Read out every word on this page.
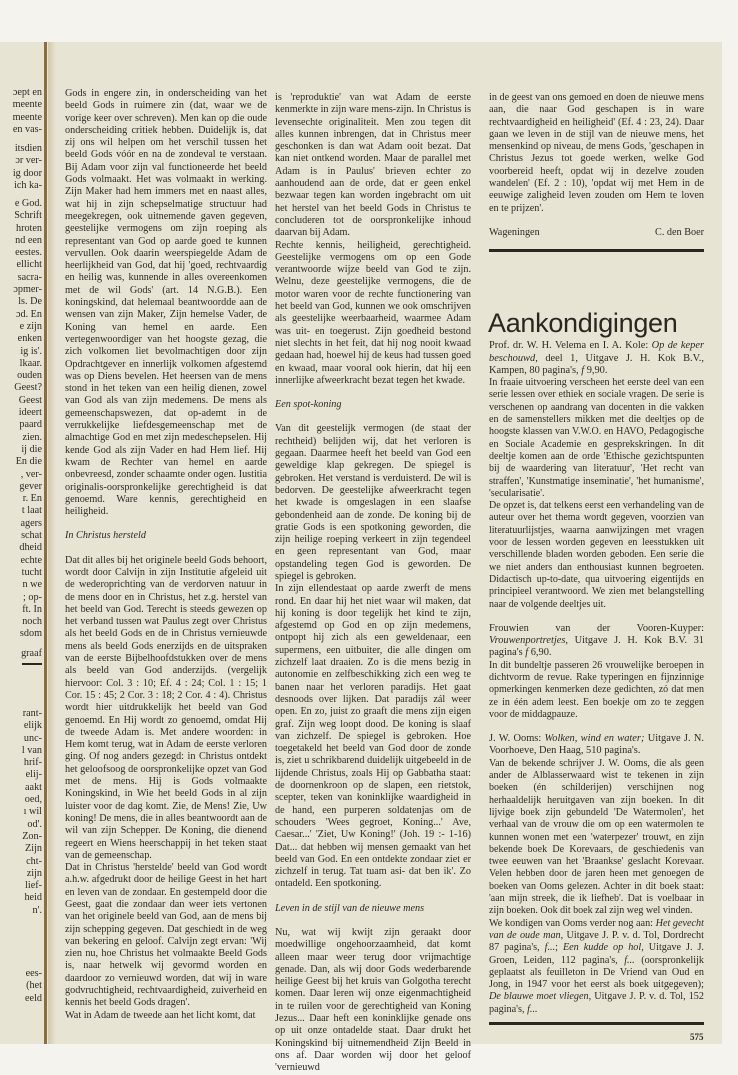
ɔept en
meente
meente
en vas-
itsdien
ɔr ver-
ig door
ich ka-
e God.
Schrift
hroten
nd een
eestes.
ellicht
sacra-
ɔpmer-
ls. De
ɔd. En
e zijn
enken
ig is'.
lkaar.
ouden
Geest?
Geest
ideert
paard
zien.
ij die
En die
, ver-
gever
r. En
t laat
agers
schat
dheid
echte
tucht
n we
; op-
ft. In
noch
sdom
graaf
rant-
elijk
unc-
l van
hrif-
elij-
aakt
oed,
ı wil
od'.
Zon-
Zijn
cht-
zijn
lief-
heid
n'.
ees-
(het
eeld

Gods in engere zin, in onderscheiding van het beeld Gods in ruimere zin (dat, waar we de vorige keer over schreven). Men kan op die oude onderscheiding critiek hebben. Duidelijk is, dat zij ons wil helpen om het verschil tussen het beeld Gods vóór en na de zondeval te verstaan. Bij Adam voor zijn val functioneerde het beeld Gods volmaakt. Het was volmaakt in werking. Zijn Maker had hem immers met en naast alles, wat hij in zijn schepselmatige structuur had meegekregen, ook uitnemende gaven gegeven, geestelijke vermogens om zijn roeping als representant van God op aarde goed te kunnen vervullen. Ook daarin weerspiegelde Adam de heerlijkheid van God, dat hij 'goed, rechtvaardig en heilig was, kunnende in alles overeenkomen met de wil Gods' (art. 14 N.G.B.). Een koningskind, dat helemaal beantwoordde aan de wensen van zijn Maker, Zijn hemelse Vader, de Koning van hemel en aarde. Een vertegenwoordiger van het hoogste gezag, die zich volkomen liet bevolmachtigen door zijn Opdrachtgever en innerlijk volkomen afgestemd was op Diens bevelen. Het heersen van de mens stond in het teken van een heilig dienen, zowel van God als van zijn medemens. De mens als gemeenschapswezen, dat op-ademt in de verrukkelijke liefdesgemeenschap met de almachtige God en met zijn medeschepselen. Hij kende God als zijn Vader en had Hem lief. Hij kwam de Rechter van hemel en aarde onbevreesd, zonder schaamte onder ogen. Iustitia originalis-oorspronkelijke gerechtigheid is dat genoemd. Ware kennis, gerechtigheid en heiligheid.

In Christus hersteld

Dat dit alles bij het originele beeld Gods behoort, wordt door Calvijn in zijn Institutie afgeleid uit de wederoprichting van de verdorven natuur in de mens door en in Christus, het z.g. herstel van het beeld van God. Terecht is steeds gewezen op het verband tussen wat Paulus zegt over Christus als het beeld Gods en de in Christus vernieuwde mens als beeld Gods enerzijds en de uitspraken van de eerste Bijbelhoofdstukken over de mens als beeld van God anderzijds. (vergelijk hiervoor: Col. 3 : 10; Ef. 4 : 24; Col. 1 : 15; 1 Cor. 15 : 45; 2 Cor. 3 : 18; 2 Cor. 4 : 4). Christus wordt hier uitdrukkelijk het beeld van God genoemd. En Hij wordt zo genoemd, omdat Hij de tweede Adam is. Met andere woorden: in Hem komt terug, wat in Adam de eerste verloren ging. Of nog anders gezegd: in Christus ontdekt het geloofsoog de oorspronkelijke opzet van God met de mens. Hij is Gods volmaakte Koningskind, in Wie het beeld Gods in al zijn luister voor de dag komt. Zie, de Mens! Zie, Uw koning! De mens, die in alles beantwoordt aan de wil van zijn Schepper. De Koning, die dienend regeert en Wiens heerschappij in het teken staat van de gemeenschap.

Dat in Christus 'herstelde' beeld van God wordt a.h.w. afgedrukt door de heilige Geest in het hart en leven van de zondaar. En gestempeld door die Geest, gaat die zondaar dan weer iets vertonen van het originele beeld van God, aan de mens bij zijn schepping gegeven. Dat geschiedt in de weg van bekering en geloof. Calvijn zegt ervan: 'Wij zien nu, hoe Christus het volmaakte Beeld Gods is, naar hetwelk wij gevormd worden en daardoor zo vernieuwd worden, dat wij in ware godvruchtigheid, rechtvaardigheid, zuiverheid en kennis het beeld Gods dragen'.

Wat in Adam de tweede aan het licht komt, dat

is 'reproduktie' van wat Adam de eerste kenmerkte in zijn ware mens-zijn. In Christus is levensechte originaliteit. Men zou tegen dit alles kunnen inbrengen, dat in Christus meer geschonken is dan wat Adam ooit bezat. Dat kan niet ontkend worden. Maar de parallel met Adam is in Paulus' brieven echter zo aanhoudend aan de orde, dat er geen enkel bezwaar tegen kan worden ingebracht om uit het herstel van het beeld Gods in Christus te concluderen tot de oorspronkelijke inhoud daarvan bij Adam.

Rechte kennis, heiligheid, gerechtigheid. Geestelijke vermogens om op een Gode verantwoorde wijze beeld van God te zijn. Welnu, deze geestelijke vermogens, die de motor waren voor de rechte functionering van het beeld van God, kunnen we ook omschrijven als geestelijke weerbaarheid, waarmee Adam was uit- en toegerust. Zijn goedheid bestond niet slechts in het feit, dat hij nog nooit kwaad gedaan had, hoewel hij de keus had tussen goed en kwaad, maar vooral ook hierin, dat hij een innerlijke afweerkracht bezat tegen het kwade.

Een spot-koning

Van dit geestelijk vermogen (de staat der rechtheid) belijden wij, dat het verloren is gegaan. Daarmee heeft het beeld van God een geweldige klap gekregen. De spiegel is gebroken. Het verstand is verduisterd. De wil is bedorven. De geestelijke afweerkracht tegen het kwade is omgeslagen in een slaafse gebondenheid aan de zonde. De koning bij de gratie Gods is een spotkoning geworden, die zijn heilige roeping verkeert in zijn tegendeel en geen representant van God, maar opstandeling tegen God is geworden. De spiegel is gebroken.

In zijn ellendestaat op aarde zwerft de mens rond. En daar hij het niet waar wil maken, dat hij koning is door tegelijk het kind te zijn, afgestemd op God en op zijn medemens, ontpopt hij zich als een geweldenaar, een supermens, een uitbuiter, die alle dingen om zichzelf laat draaien. Zo is die mens bezig in autonomie en zelfbeschikking zich een weg te banen naar het verloren paradijs. Het gaat desnoods over lijken. Dat paradijs zál weer open. En zo, juist zo graaft die mens zijn eigen graf. Zijn weg loopt dood. De koning is slaaf van zichzelf. De spiegel is gebroken. Hoe toegetakeld het beeld van God door de zonde is, ziet u schrikbarend duidelijk uitgebeeld in de lijdende Christus, zoals Hij op Gabbatha staat: de doornenkroon op de slapen, een rietstok, scepter, teken van koninklijke waardigheid in de hand, een purperen soldatenjas om de schouders 'Wees gegroet, Koning...' Ave, Caesar...' 'Ziet, Uw Koning!' (Joh. 19 :- 1-16) Dat... dat hebben wij mensen gemaakt van het beeld van God. En een ontdekte zondaar ziet er zichzelf in terug. Tat tuam asi- dat ben ik'. Zo ontadeld. Een spotkoning.

Leven in de stijl van de nieuwe mens

Nu, wat wij kwijt zijn geraakt door moedwillige ongehoorzaamheid, dat komt alleen maar weer terug door vrijmachtige genade. Dan, als wij door Gods wederbarende heilige Geest bij het kruis van Golgotha terecht komen. Daar leren wij onze eigenmachtigheid in te ruilen voor de gerechtigheid van Koning Jezus... Daar heft een koninklijke genade ons op uit onze ontadelde staat. Daar drukt het Koningskind bij uitnemendheid Zijn Beeld in ons af. Daar worden wij door het geloof 'vernieuwd

in de geest van ons gemoed en doen de nieuwe mens aan, die naar God geschapen is in ware rechtvaardigheid en heiligheid' (Ef. 4 : 23, 24). Daar gaan we leven in de stijl van de nieuwe mens, het mensenkind op niveau, de mens Gods, 'geschapen in Christus Jezus tot goede werken, welke God voorbereid heeft, opdat wij in dezelve zouden wandelen' (Ef. 2 : 10), 'opdat wij met Hem in de eeuwige zaligheid leven zouden om Hem te loven en te prijzen'.

Wageningen	C. den Boer
Aankondigingen

Prof. dr. W. H. Velema en I. A. Kole: Op de keper beschouwd, deel 1, Uitgave J. H. Kok B.V., Kampen, 80 pagina's, f 9,90.

In fraaie uitvoering verscheen het eerste deel van een serie lessen over ethiek en sociale vragen. De serie is verschenen op aandrang van docenten in die vakken en de samenstellers mikken met die deeltjes op de hoogste klassen van V.W.O. en HAVO, Pedagogische en Sociale Academie en gesprekskringen. In dit deeltje komen aan de orde 'Ethische gezichtspunten bij de waardering van literatuur', 'Het recht van straffen', 'Kunstmatige inseminatie', 'het humanisme', 'secularisatie'.

De opzet is, dat telkens eerst een verhandeling van de auteur over het thema wordt gegeven, voorzien van literatuurlijstjes, waarna aanwijzingen met vragen voor de lessen worden gegeven en leesstukken uit verschillende bladen worden geboden. Een serie die we niet anders dan enthousiast kunnen begroeten. Didactisch up-to-date, qua uitvoering eigentijds en principieel verantwoord. We zien met belangstelling naar de volgende deeltjes uit.

Frouwien van der Vooren-Kuyper: Vrouwenportretjes, Uitgave J. H. Kok B.V. 31 pagina's f 6,90.

In dit bundeltje passeren 26 vrouwelijke beroepen in dichtvorm de revue. Rake typeringen en fijnzinnige opmerkingen kenmerken deze gedichten, zó dat men ze in één adem leest. Een boekje om zo te zeggen voor de middagpauze.

J. W. Ooms: Wolken, wind en water; Uitgave J. N. Voorhoeve, Den Haag, 510 pagina's.

Van de bekende schrijver J. W. Ooms, die als geen ander de Alblasserwaard wist te tekenen in zijn boeken (én schilderijen) verschijnen nog herhaaldelijk heruitgaven van zijn boeken. In dit lijvige boek zijn gebundeld 'De Watermolen', het verhaal van de vrouw die om op een watermolen te kunnen wonen met een 'waterpezer' trouwt, en zijn bekende boek De Korevaars, de geschiedenis van twee eeuwen van het 'Braankse' geslacht Korevaar. Velen hebben door de jaren heen met genoegen de boeken van Ooms gelezen. Achter in dit boek staat: 'aan mijn streek, die ik liefheb'. Dat is voelbaar in zijn boeken. Ook dit boek zal zijn weg wel vinden.

We kondigen van Ooms verder nog aan: Het gevecht van de oude man, Uitgave J. P. v. d. Tol, Dordrecht 87 pagina's, f...; Een kudde op hol, Uitgave J. J. Groen, Leiden, 112 pagina's, f... (oorspronkelijk geplaatst als feuilleton in De Vriend van Oud en Jong, in 1947 voor het eerst als boek uitgegeven); De blauwe moet vliegen, Uitgave J. P. v. d. Tol, 152 pagina's, f...

575
